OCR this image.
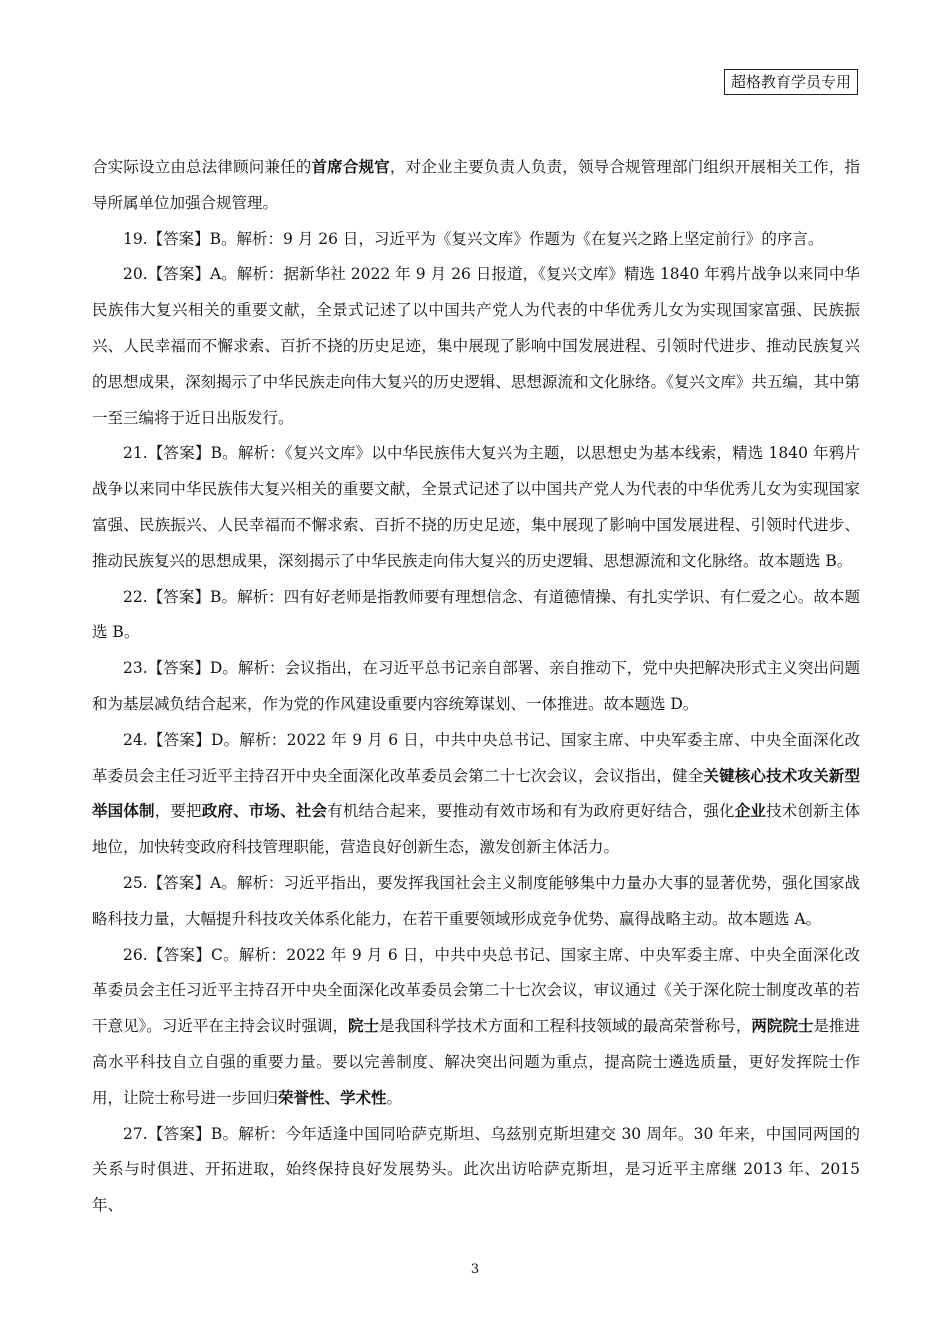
超格教育学员专用

合实际设立由总法律顾问兼任的首席合规官，对企业主要负责人负责，领导合规管理部门组织开展相关工作，指导所属单位加强合规管理。

19.【答案】B。解析：9 月 26 日，习近平为《复兴文库》作题为《在复兴之路上坚定前行》的序言。

20.【答案】A。解析：据新华社 2022 年 9 月 26 日报道，《复兴文库》精选 1840 年鸦片战争以来同中华民族伟大复兴相关的重要文献，全景式记述了以中国共产党人为代表的中华优秀儿女为实现国家富强、民族振兴、人民幸福而不懈求索、百折不挠的历史足迹，集中展现了影响中国发展进程、引领时代进步、推动民族复兴的思想成果，深刻揭示了中华民族走向伟大复兴的历史逻辑、思想源流和文化脉络。《复兴文库》共五编，其中第一至三编将于近日出版发行。

21.【答案】B。解析：《复兴文库》以中华民族伟大复兴为主题，以思想史为基本线索，精选 1840 年鸦片战争以来同中华民族伟大复兴相关的重要文献，全景式记述了以中国共产党人为代表的中华优秀儿女为实现国家富强、民族振兴、人民幸福而不懈求索、百折不挠的历史足迹，集中展现了影响中国发展进程、引领时代进步、推动民族复兴的思想成果，深刻揭示了中华民族走向伟大复兴的历史逻辑、思想源流和文化脉络。故本题选 B。

22.【答案】B。解析：四有好老师是指教师要有理想信念、有道德情操、有扎实学识、有仁爱之心。故本题选 B。

23.【答案】D。解析：会议指出，在习近平总书记亲自部署、亲自推动下，党中央把解决形式主义突出问题和为基层减负结合起来，作为党的作风建设重要内容统筹谋划、一体推进。故本题选 D。

24.【答案】D。解析：2022 年 9 月 6 日，中共中央总书记、国家主席、中央军委主席、中央全面深化改革委员会主任习近平主持召开中央全面深化改革委员会第二十七次会议，会议指出，健全关键核心技术攻关新型举国体制，要把政府、市场、社会有机结合起来，要推动有效市场和有为政府更好结合，强化企业技术创新主体地位，加快转变政府科技管理职能，营造良好创新生态，激发创新主体活力。

25.【答案】A。解析：习近平指出，要发挥我国社会主义制度能够集中力量办大事的显著优势，强化国家战略科技力量，大幅提升科技攻关体系化能力，在若干重要领域形成竞争优势、赢得战略主动。故本题选 A。

26.【答案】C。解析：2022 年 9 月 6 日，中共中央总书记、国家主席、中央军委主席、中央全面深化改革委员会主任习近平主持召开中央全面深化改革委员会第二十七次会议，审议通过《关于深化院士制度改革的若干意见》。习近平在主持会议时强调，院士是我国科学技术方面和工程科技领域的最高荣誉称号，两院院士是推进高水平科技自立自强的重要力量。要以完善制度、解决突出问题为重点，提高院士遴选质量，更好发挥院士作用，让院士称号进一步回归荣誉性、学术性。

27.【答案】B。解析：今年适逢中国同哈萨克斯坦、乌兹别克斯坦建交 30 周年。30 年来，中国同两国的关系与时俱进、开拓进取，始终保持良好发展势头。此次出访哈萨克斯坦，是习近平主席继 2013 年、2015 年、

3
